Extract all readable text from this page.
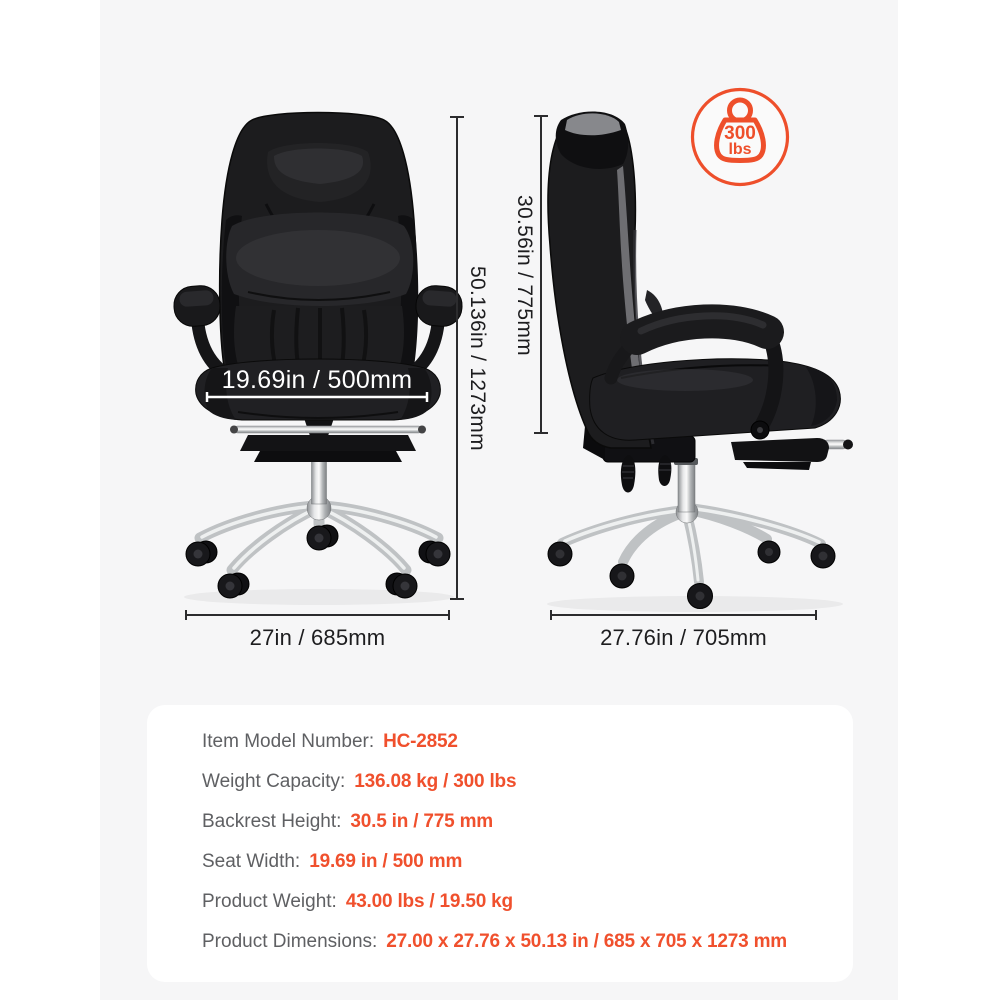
50.136in / 1273mm 30.56in / 775mm
19.69in / 500mm
27in / 685mm	27.76in / 705mm
300
lbs
Item Model Number: HC-2852
Weight Capacity: 136.08 kg / 300 lbs
Backrest Height: 30.5 in / 775 mm
Seat Width: 19.69 in / 500 mm
Product Weight: 43.00 lbs / 19.50 kg
Product Dimensions: 27.00 x 27.76 x 50.13 in / 685 x 705 x 1273 mm
